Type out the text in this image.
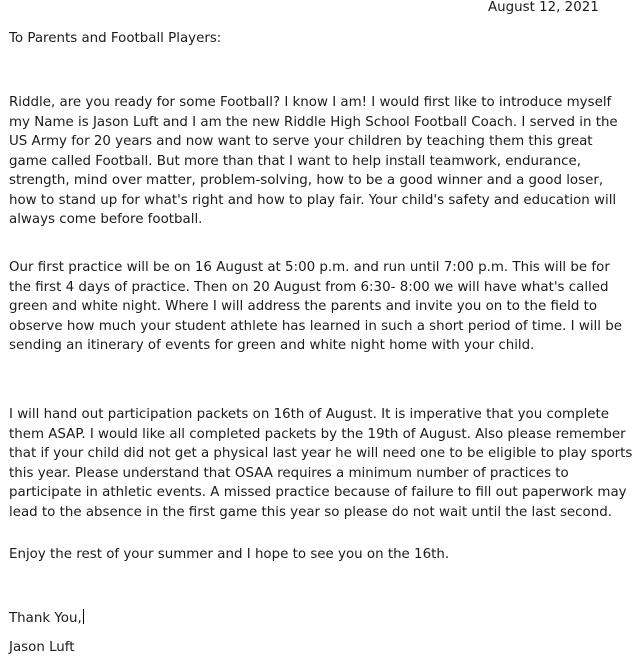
August 12, 2021
To Parents and Football Players:

Riddle, are you ready for some Football? I know I am! I would first like to introduce myself my Name is Jason Luft and I am the new Riddle High School Football Coach. I served in the US Army for 20 years and now want to serve your children by teaching them this great game called Football. But more than that I want to help install teamwork, endurance, strength, mind over matter, problem-solving, how to be a good winner and a good loser, how to stand up for what's right and how to play fair. Your child's safety and education will always come before football.

Our first practice will be on 16 August at 5:00 p.m. and run until 7:00 p.m. This will be for the first 4 days of practice. Then on 20 August from 6:30- 8:00 we will have what's called green and white night. Where I will address the parents and invite you on to the field to observe how much your student athlete has learned in such a short period of time. I will be sending an itinerary of events for green and white night home with your child.

I will hand out participation packets on 16th of August. It is imperative that you complete them ASAP. I would like all completed packets by the 19th of August. Also please remember that if your child did not get a physical last year he will need one to be eligible to play sports this year. Please understand that OSAA requires a minimum number of practices to participate in athletic events. A missed practice because of failure to fill out paperwork may lead to the absence in the first game this year so please do not wait until the last second.

Enjoy the rest of your summer and I hope to see you on the 16th.

Thank You,
Jason Luft
